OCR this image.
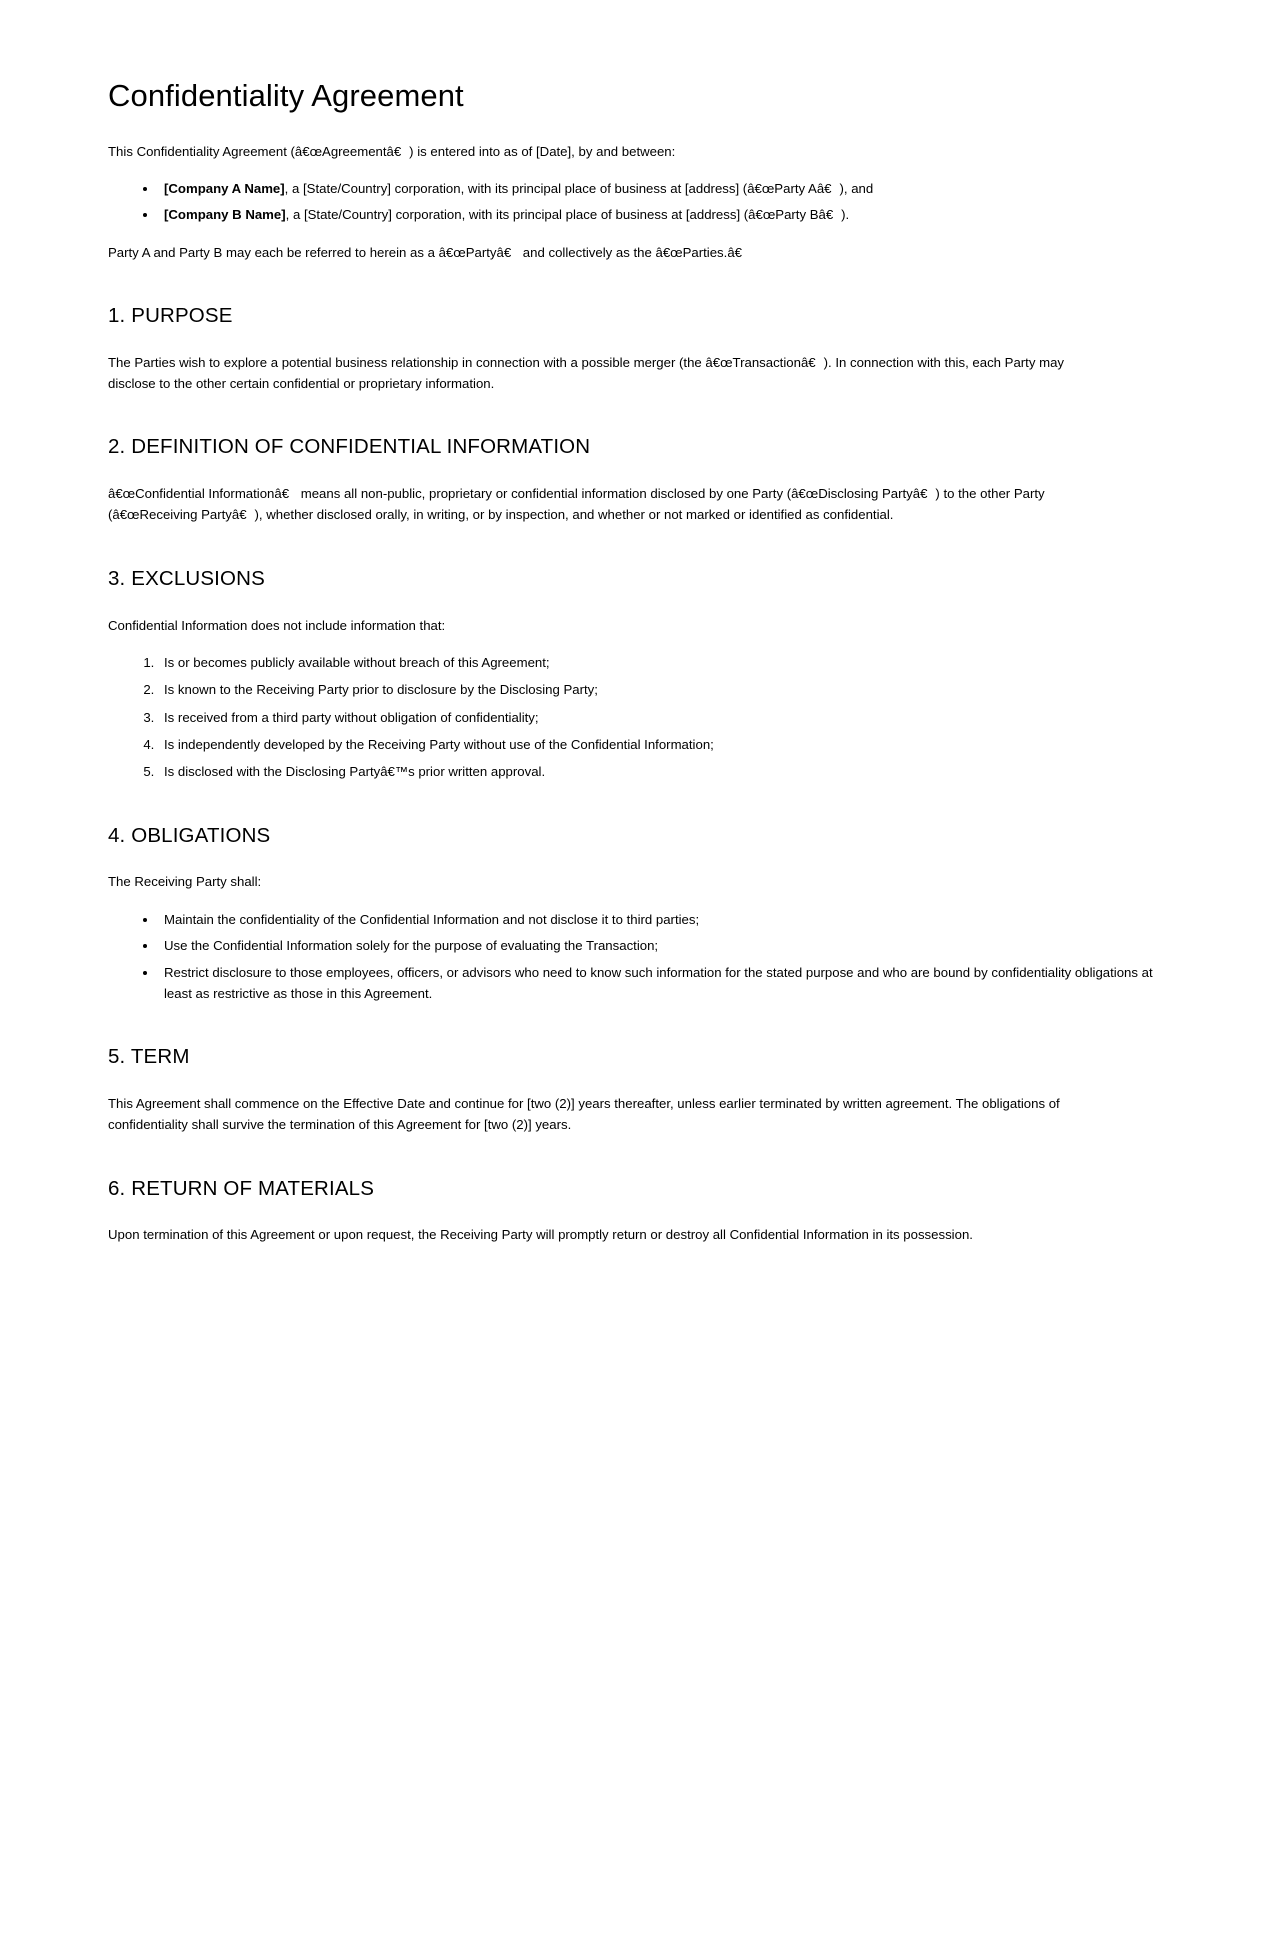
Confidentiality Agreement

This Confidentiality Agreement (â€œAgreementâ€) is entered into as of [Date], by and between:

• [Company A Name], a [State/Country] corporation, with its principal place of business at [address] (â€œParty Aâ€), and
• [Company B Name], a [State/Country] corporation, with its principal place of business at [address] (â€œParty Bâ€).

Party A and Party B may each be referred to herein as a â€œPartyâ€ and collectively as the â€œParties.â€

1. PURPOSE

The Parties wish to explore a potential business relationship in connection with a possible merger (the â€œTransactionâ€). In connection with this, each Party may disclose to the other certain confidential or proprietary information.

2. DEFINITION OF CONFIDENTIAL INFORMATION

â€œConfidential Informationâ€ means all non-public, proprietary or confidential information disclosed by one Party (â€œDisclosing Partyâ€) to the other Party (â€œReceiving Partyâ€), whether disclosed orally, in writing, or by inspection, and whether or not marked or identified as confidential.

3. EXCLUSIONS

Confidential Information does not include information that:

1. Is or becomes publicly available without breach of this Agreement;
2. Is known to the Receiving Party prior to disclosure by the Disclosing Party;
3. Is received from a third party without obligation of confidentiality;
4. Is independently developed by the Receiving Party without use of the Confidential Information;
5. Is disclosed with the Disclosing Partyâ€™s prior written approval.
4. OBLIGATIONS

The Receiving Party shall:

• Maintain the confidentiality of the Confidential Information and not disclose it to third parties;
• Use the Confidential Information solely for the purpose of evaluating the Transaction;
• Restrict disclosure to those employees, officers, or advisors who need to know such information for the stated purpose and who are bound by confidentiality obligations at least as restrictive as those in this Agreement.
5. TERM

This Agreement shall commence on the Effective Date and continue for [two (2)] years thereafter, unless earlier terminated by written agreement. The obligations of confidentiality shall survive the termination of this Agreement for [two (2)] years.

6. RETURN OF MATERIALS

Upon termination of this Agreement or upon request, the Receiving Party will promptly return or destroy all Confidential Information in its possession.
